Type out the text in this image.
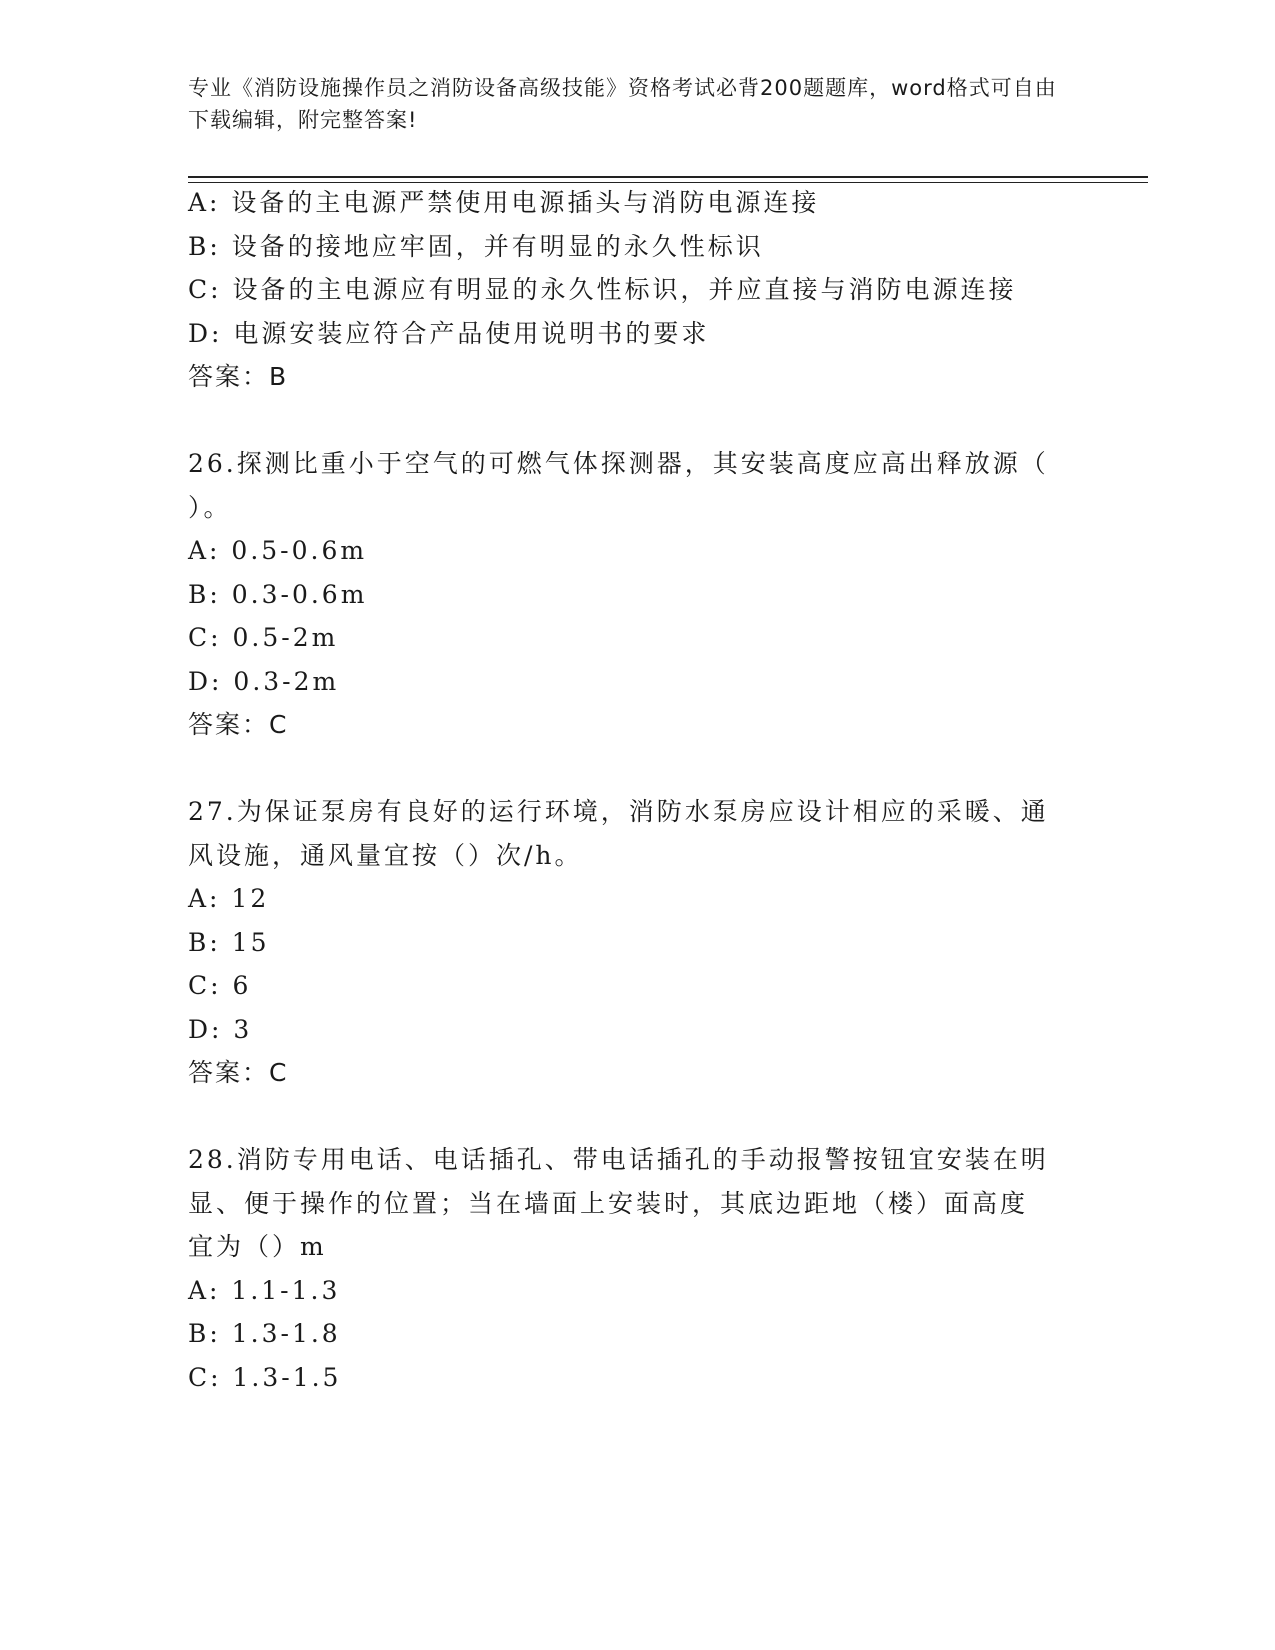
专业《消防设施操作员之消防设备高级技能》资格考试必背200题题库，word格式可自由下载编辑，附完整答案!
A: 设备的主电源严禁使用电源插头与消防电源连接
B: 设备的接地应牢固，并有明显的永久性标识
C: 设备的主电源应有明显的永久性标识，并应直接与消防电源连接
D: 电源安装应符合产品使用说明书的要求
答案：B
26.探测比重小于空气的可燃气体探测器，其安装高度应高出释放源（
）。
A: 0.5-0.6m
B: 0.3-0.6m
C: 0.5-2m
D: 0.3-2m
答案：C
27.为保证泵房有良好的运行环境，消防水泵房应设计相应的采暖、通
风设施，通风量宜按（）次/h。
A: 12
B: 15
C: 6
D: 3
答案：C
28.消防专用电话、电话插孔、带电话插孔的手动报警按钮宜安装在明
显、便于操作的位置；当在墙面上安装时，其底边距地（楼）面高度
宜为（）m
A: 1.1-1.3
B: 1.3-1.8
C: 1.3-1.5
